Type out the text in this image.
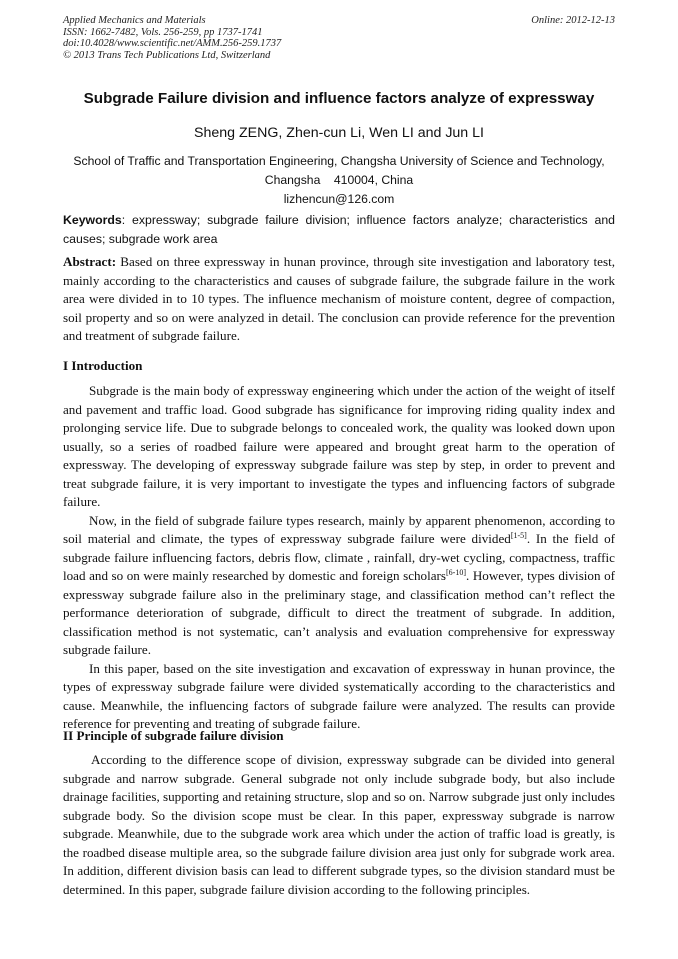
Applied Mechanics and Materials
ISSN: 1662-7482, Vols. 256-259, pp 1737-1741
doi:10.4028/www.scientific.net/AMM.256-259.1737
© 2013 Trans Tech Publications Ltd, Switzerland
Online: 2012-12-13
Subgrade Failure division and influence factors analyze of expressway
Sheng ZENG, Zhen-cun Li, Wen LI and Jun LI
School of Traffic and Transportation Engineering, Changsha University of Science and Technology,
Changsha    410004, China
lizhencun@126.com
Keywords: expressway; subgrade failure division; influence factors analyze; characteristics and causes; subgrade work area
Abstract: Based on three expressway in hunan province, through site investigation and laboratory test, mainly according to the characteristics and causes of subgrade failure, the subgrade failure in the work area were divided in to 10 types. The influence mechanism of moisture content, degree of compaction, soil property and so on were analyzed in detail. The conclusion can provide reference for the prevention and treatment of subgrade failure.
I Introduction

Subgrade is the main body of expressway engineering which under the action of the weight of itself and pavement and traffic load. Good subgrade has significance for improving riding quality index and prolonging service life. Due to subgrade belongs to concealed work, the quality was looked down upon usually, so a series of roadbed failure were appeared and brought great harm to the operation of expressway. The developing of expressway subgrade failure was step by step, in order to prevent and treat subgrade failure, it is very important to investigate the types and influencing factors of subgrade failure.

Now, in the field of subgrade failure types research, mainly by apparent phenomenon, according to soil material and climate, the types of expressway subgrade failure were divided[1-5]. In the field of subgrade failure influencing factors, debris flow, climate , rainfall, dry-wet cycling, compactness, traffic load and so on were mainly researched by domestic and foreign scholars[6-10]. However, types division of expressway subgrade failure also in the preliminary stage, and classification method can’t reflect the performance deterioration of subgrade, difficult to direct the treatment of subgrade. In addition, classification method is not systematic, can’t analysis and evaluation comprehensive for expressway subgrade failure.

In this paper, based on the site investigation and excavation of expressway in hunan province, the types of expressway subgrade failure were divided systematically according to the characteristics and cause. Meanwhile, the influencing factors of subgrade failure were analyzed. The results can provide reference for preventing and treating of subgrade failure.

II Principle of subgrade failure division

According to the difference scope of division, expressway subgrade can be divided into general subgrade and narrow subgrade. General subgrade not only include subgrade body, but also include drainage facilities, supporting and retaining structure, slop and so on. Narrow subgrade just only includes subgrade body. So the division scope must be clear. In this paper, expressway subgrade is narrow subgrade. Meanwhile, due to the subgrade work area which under the action of traffic load is greatly, is the roadbed disease multiple area, so the subgrade failure division area just only for subgrade work area. In addition, different division basis can lead to different subgrade types, so the division standard must be determined. In this paper, subgrade failure division according to the following principles.
